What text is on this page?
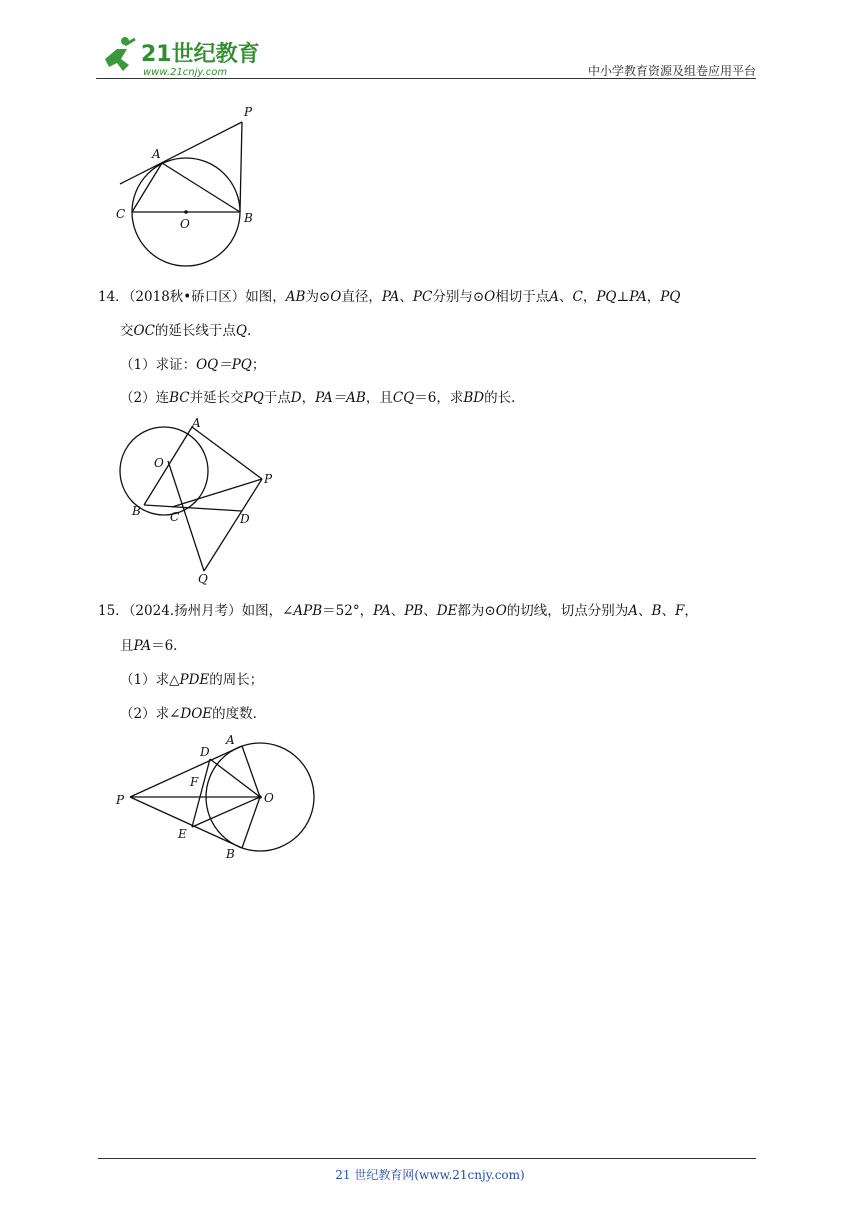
21世纪教育
www.21cnjy.com	中小学教育资源及组卷应用平台
P
A
C
O	B
14．（2018秋•硚口区）如图，AB为⊙O直径，PA、PC分别与⊙O相切于点A、C，PQ⊥PA，PQ
交OC的延长线于点Q.
（1）求证：OQ＝PQ；
（2）连BC并延长交PQ于点D，PA＝AB，且CQ＝6，求BD的长.
A
O
P
B C	D
Q
15．（2024.扬州月考）如图，∠APB＝52°，PA、PB、DE都为⊙O的切线，切点分别为A、B、F，
且PA＝6.
（1）求△PDE的周长；
（2）求∠DOE的度数.
D
A
F
P	O
E
B
21 世纪教育网(www.21cnjy.com)
